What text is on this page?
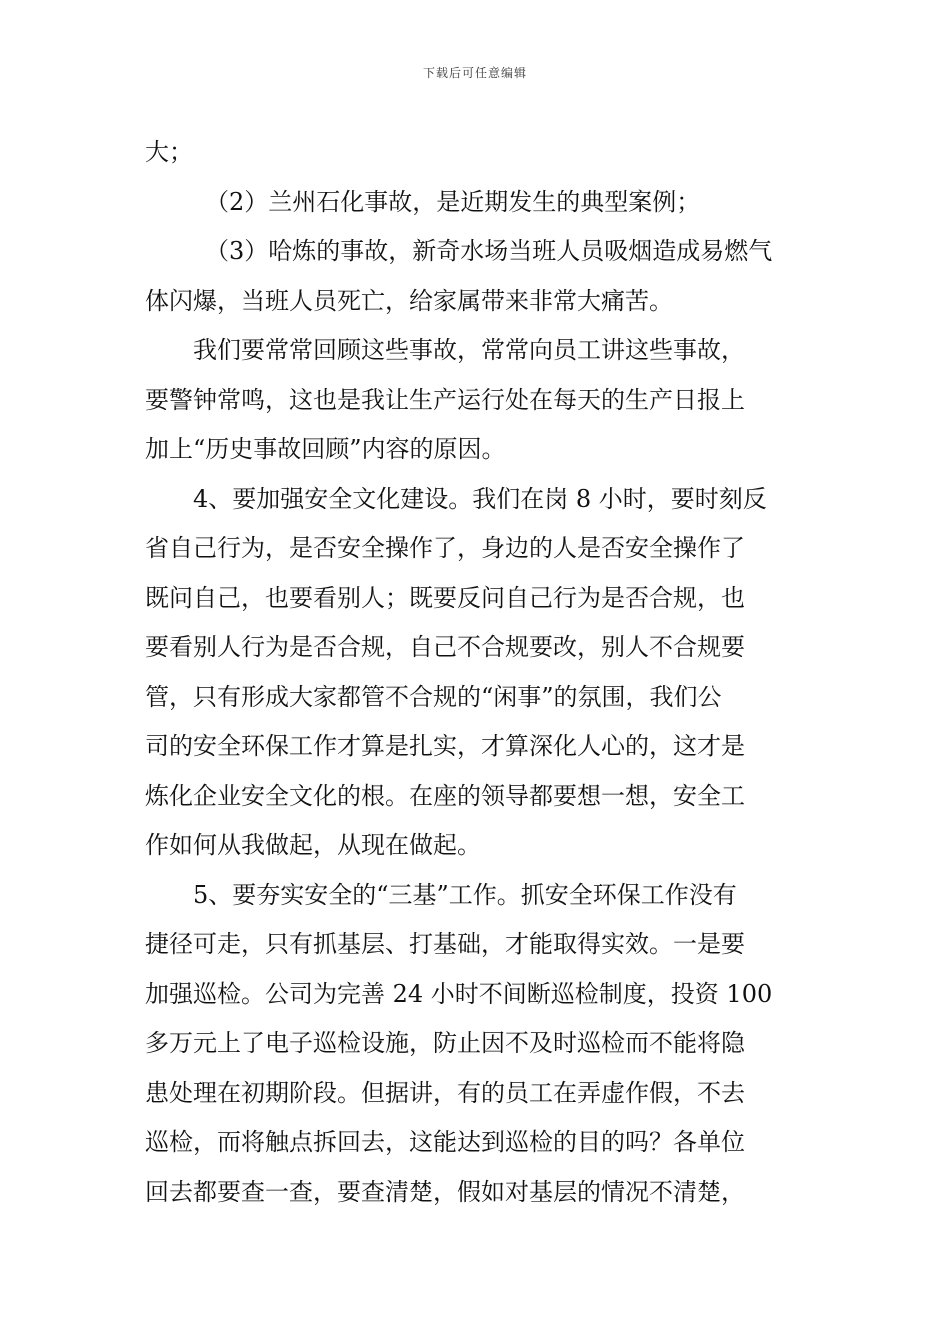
下载后可任意编辑
大；
（2）兰州石化事故，是近期发生的典型案例；
（3）哈炼的事故，新奇水场当班人员吸烟造成易燃气
体闪爆，当班人员死亡，给家属带来非常大痛苦。
我们要常常回顾这些事故，常常向员工讲这些事故，
要警钟常鸣，这也是我让生产运行处在每天的生产日报上
加上“历史事故回顾”内容的原因。
4、要加强安全文化建设。我们在岗 8 小时，要时刻反
省自己行为，是否安全操作了，身边的人是否安全操作了
既问自己，也要看别人；既要反问自己行为是否合规，也
要看别人行为是否合规，自己不合规要改，别人不合规要
管，只有形成大家都管不合规的“闲事”的氛围，我们公
司的安全环保工作才算是扎实，才算深化人心的，这才是
炼化企业安全文化的根。在座的领导都要想一想，安全工
作如何从我做起，从现在做起。
5、要夯实安全的“三基”工作。抓安全环保工作没有
捷径可走，只有抓基层、打基础，才能取得实效。一是要
加强巡检。公司为完善 24 小时不间断巡检制度，投资 100
多万元上了电子巡检设施，防止因不及时巡检而不能将隐
患处理在初期阶段。但据讲，有的员工在弄虚作假，不去
巡检，而将触点拆回去，这能达到巡检的目的吗？各单位
回去都要查一查，要查清楚，假如对基层的情况不清楚，
